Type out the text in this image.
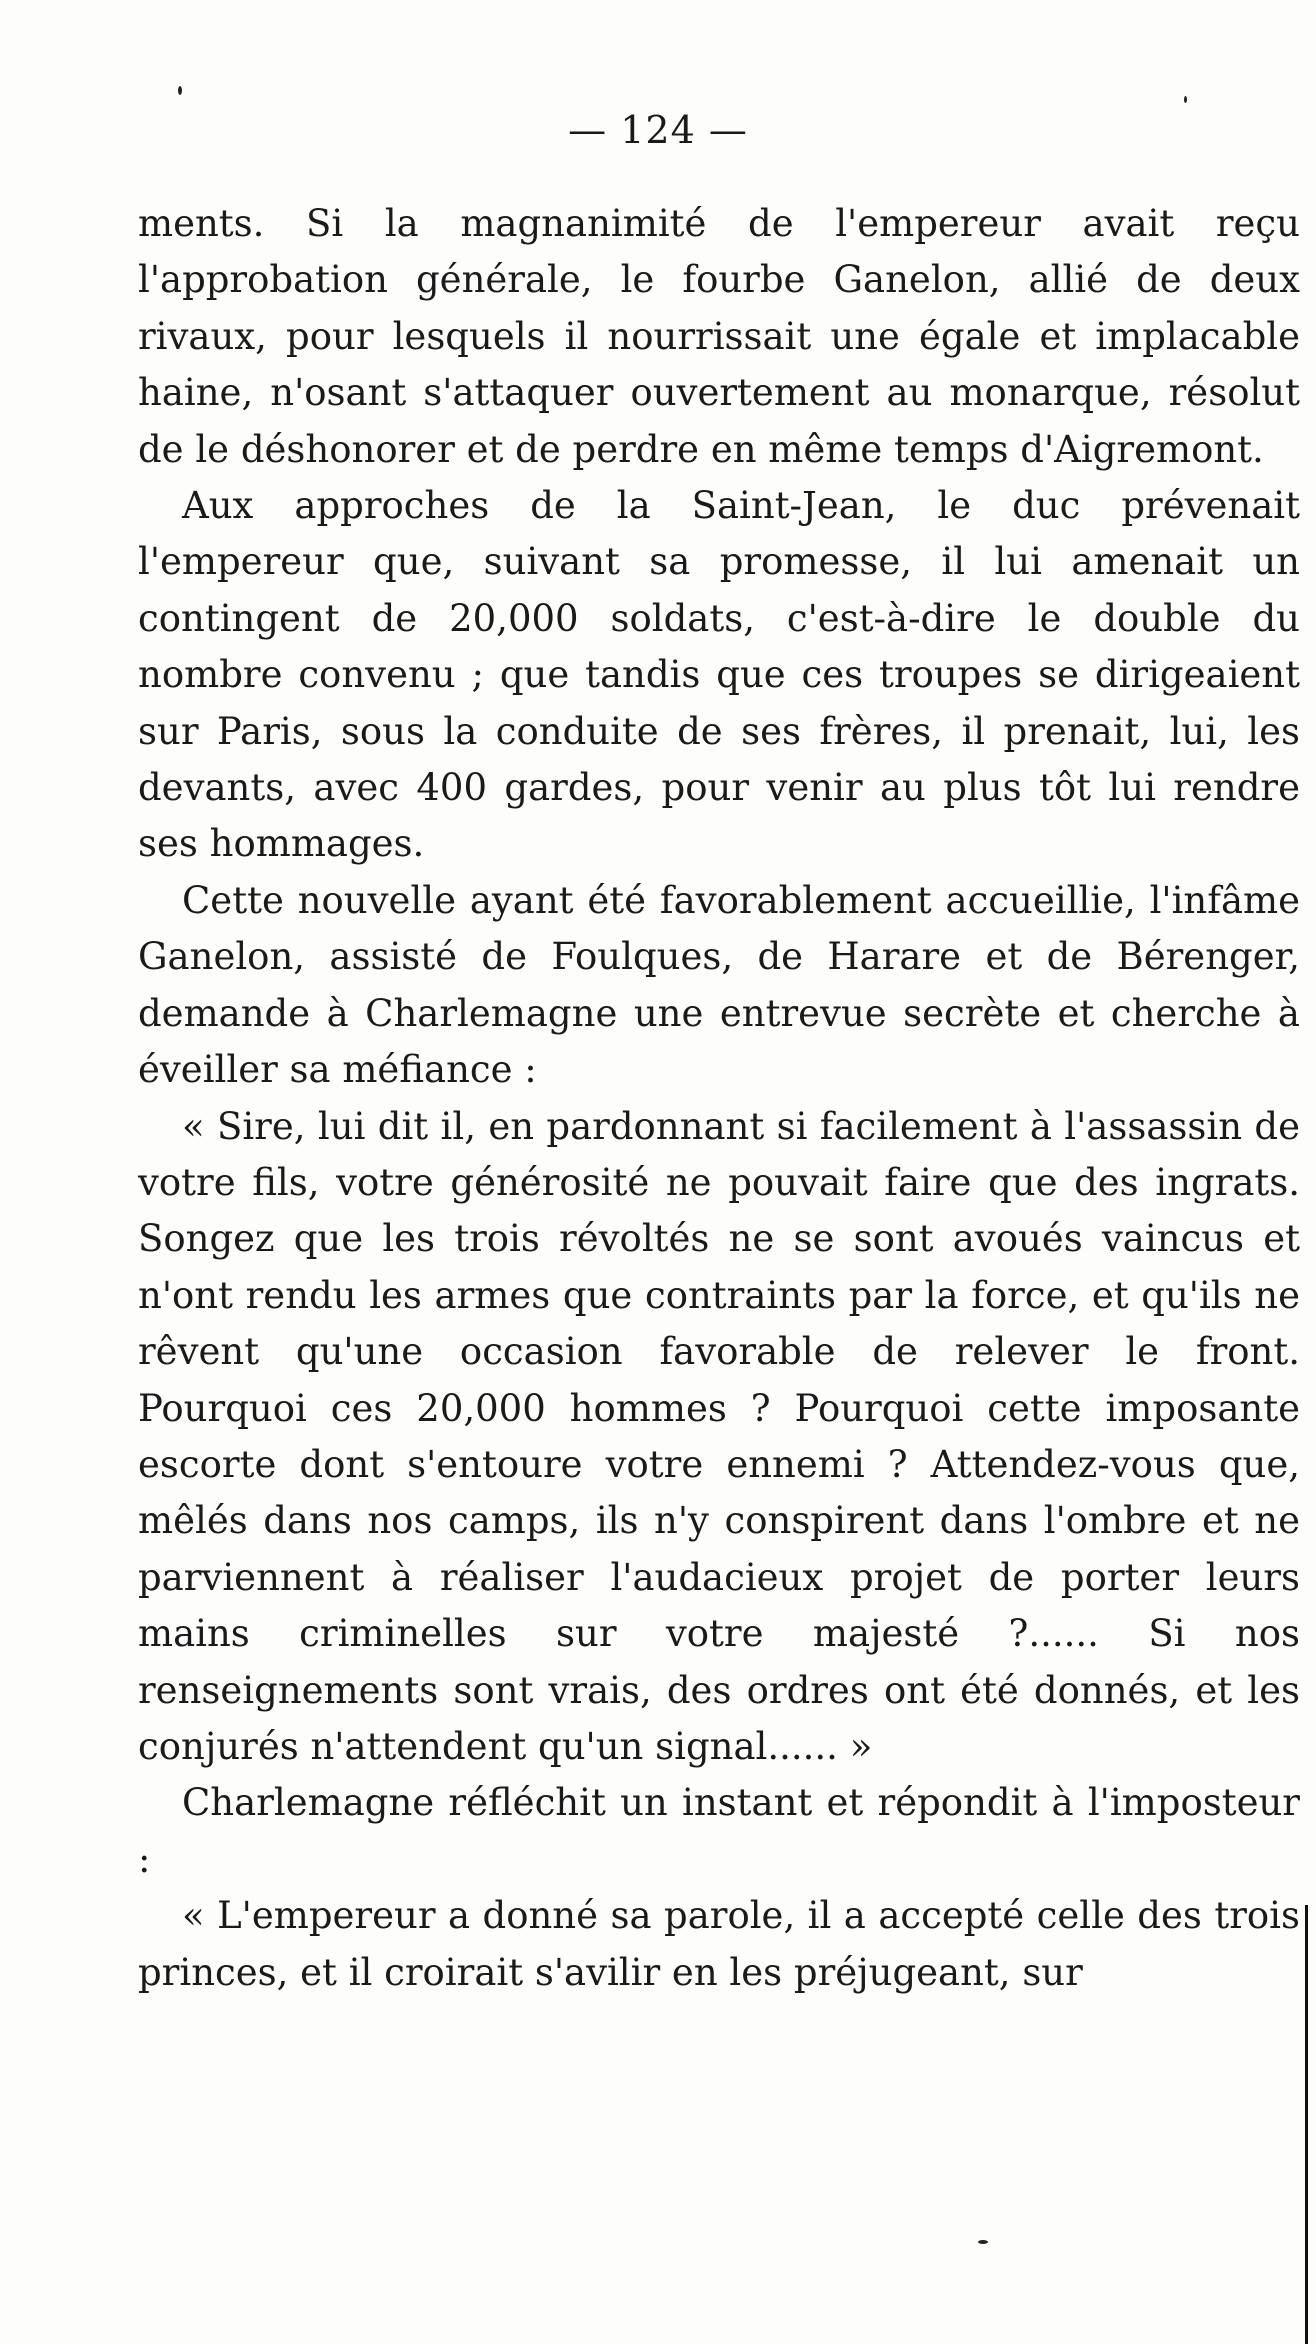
— 124 —

ments. Si la magnanimité de l'empereur avait reçu l'approbation générale, le fourbe Ganelon, allié de deux rivaux, pour lesquels il nourrissait une égale et implacable haine, n'osant s'attaquer ouvertement au monarque, résolut de le déshonorer et de perdre en même temps d'Aigremont.

Aux approches de la Saint-Jean, le duc prévenait l'empereur que, suivant sa promesse, il lui amenait un contingent de 20,000 soldats, c'est-à-dire le double du nombre convenu ; que tandis que ces troupes se dirigeaient sur Paris, sous la conduite de ses frères, il prenait, lui, les devants, avec 400 gardes, pour venir au plus tôt lui rendre ses hommages.

Cette nouvelle ayant été favorablement accueillie, l'infâme Ganelon, assisté de Foulques, de Harare et de Bérenger, demande à Charlemagne une entrevue secrète et cherche à éveiller sa méfiance :

« Sire, lui dit il, en pardonnant si facilement à l'assassin de votre fils, votre générosité ne pouvait faire que des ingrats. Songez que les trois révoltés ne se sont avoués vaincus et n'ont rendu les armes que contraints par la force, et qu'ils ne rêvent qu'une occasion favorable de relever le front. Pourquoi ces 20,000 hommes ? Pourquoi cette imposante escorte dont s'entoure votre ennemi ? Attendez-vous que, mêlés dans nos camps, ils n'y conspirent dans l'ombre et ne parviennent à réaliser l'audacieux projet de porter leurs mains criminelles sur votre majesté ?...... Si nos renseignements sont vrais, des ordres ont été donnés, et les conjurés n'attendent qu'un signal...... »

Charlemagne réfléchit un instant et répondit à l'imposteur :

« L'empereur a donné sa parole, il a accepté celle des trois princes, et il croirait s'avilir en les préjugeant, sur
